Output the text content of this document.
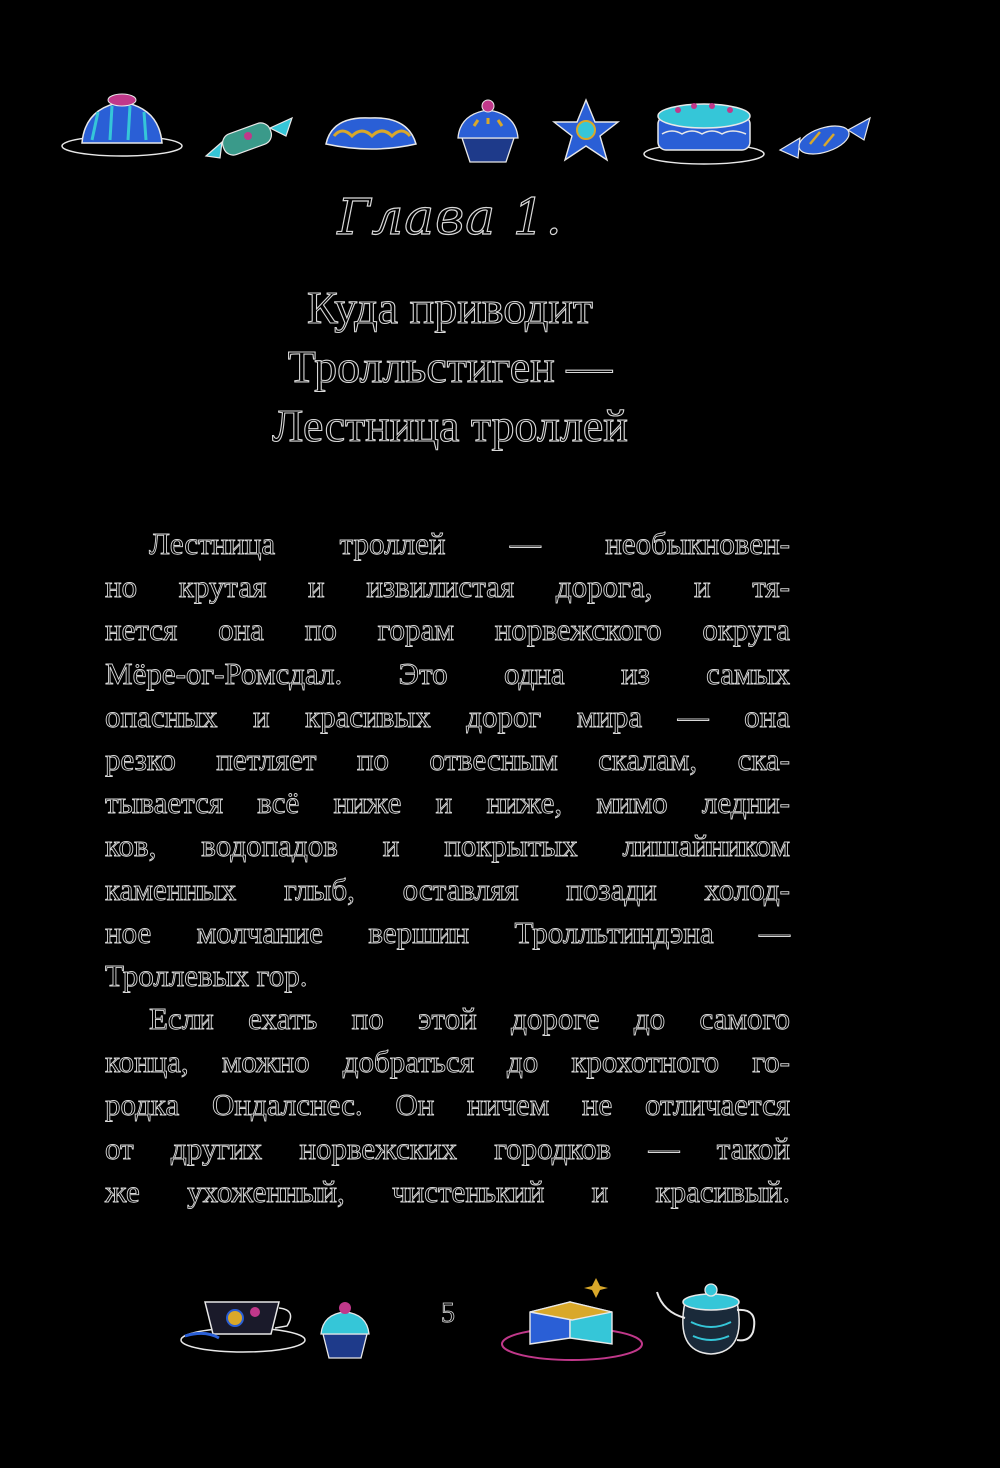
Глава 1.
Куда приводит
Тролльстиген —
Лестница троллей
Лестница троллей — необыкновен-
но крутая и извилистая дорога, и тя-
нется она по горам норвежского округа
Мёре-ог-Ромсдал. Это одна из самых
опасных и красивых дорог мира — она
резко петляет по отвесным скалам, ска-
тывается всё ниже и ниже, мимо ледни-
ков, водопадов и покрытых лишайником
каменных глыб, оставляя позади холод-
ное молчание вершин Тролльтиндэна —
Троллевых гор.
Если ехать по этой дороге до самого
конца, можно добраться до крохотного го-
родка Ондалснес. Он ничем не отличается
от других норвежских городков — такой
же ухоженный, чистенький и красивый.
5
